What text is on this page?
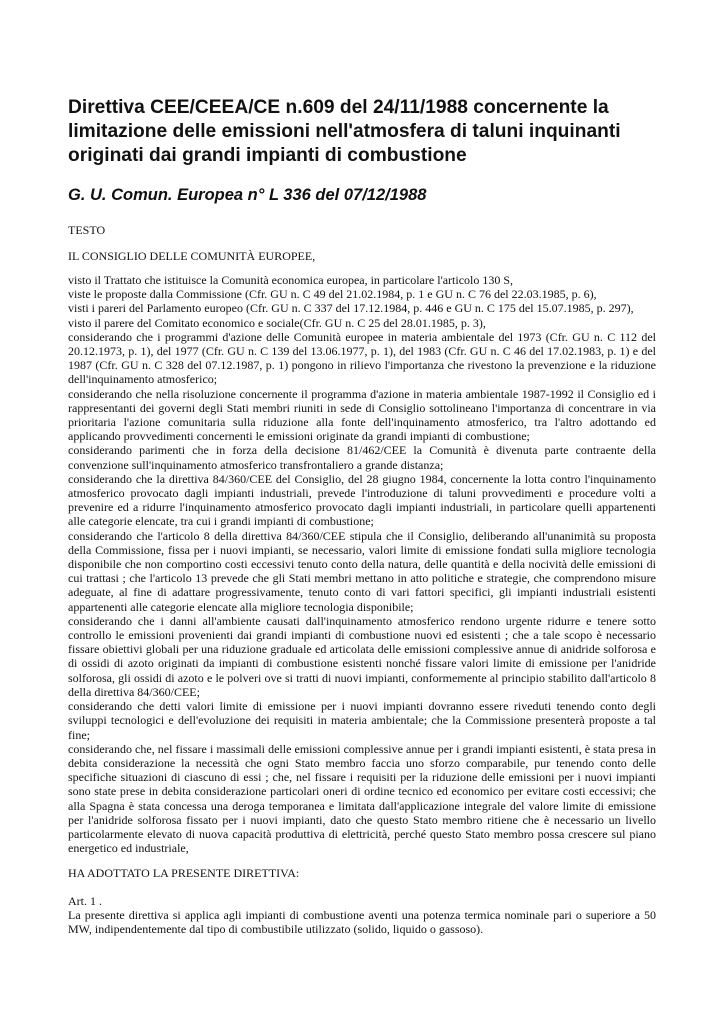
Direttiva CEE/CEEA/CE n.609 del 24/11/1988 concernente la limitazione delle emissioni nell'atmosfera di taluni inquinanti originati dai grandi impianti di combustione
G. U. Comun. Europea n° L 336 del 07/12/1988

TESTO

IL CONSIGLIO DELLE COMUNITÀ EUROPEE,

visto il Trattato che istituisce la Comunità economica europea, in particolare l'articolo 130 S,

viste le proposte dalla Commissione (Cfr. GU n. C 49 del 21.02.1984, p. 1 e GU n. C 76 del 22.03.1985, p. 6),

visti i pareri del Parlamento europeo (Cfr. GU n. C 337 del 17.12.1984, p. 446 e GU n. C 175 del 15.07.1985, p. 297),

visto il parere del Comitato economico e sociale(Cfr. GU n. C 25 del 28.01.1985, p. 3),

considerando che i programmi d'azione delle Comunità europee in materia ambientale del 1973 (Cfr. GU n. C 112 del 20.12.1973, p. 1), del 1977 (Cfr. GU n. C 139 del 13.06.1977, p. 1), del 1983 (Cfr. GU n. C 46 del 17.02.1983, p. 1) e del 1987 (Cfr. GU n. C 328 del 07.12.1987, p. 1) pongono in rilievo l'importanza che rivestono la prevenzione e la riduzione dell'inquinamento atmosferico;

considerando che nella risoluzione concernente il programma d'azione in materia ambientale 1987-1992 il Consiglio ed i rappresentanti dei governi degli Stati membri riuniti in sede di Consiglio sottolineano l'importanza di concentrare in via prioritaria l'azione comunitaria sulla riduzione alla fonte dell'inquinamento atmosferico, tra l'altro adottando ed applicando provvedimenti concernenti le emissioni originate da grandi impianti di combustione;

considerando parimenti che in forza della decisione 81/462/CEE la Comunità è divenuta parte contraente della convenzione sull'inquinamento atmosferico transfrontaliero a grande distanza;

considerando che la direttiva 84/360/CEE del Consiglio, del 28 giugno 1984, concernente la lotta contro l'inquinamento atmosferico provocato dagli impianti industriali, prevede l'introduzione di taluni provvedimenti e procedure volti a prevenire ed a ridurre l'inquinamento atmosferico provocato dagli impianti industriali, in particolare quelli appartenenti alle categorie elencate, tra cui i grandi impianti di combustione;

considerando che l'articolo 8 della direttiva 84/360/CEE stipula che il Consiglio, deliberando all'unanimità su proposta della Commissione, fissa per i nuovi impianti, se necessario, valori limite di emissione fondati sulla migliore tecnologia disponibile che non comportino costi eccessivi tenuto conto della natura, delle quantità e della nocività delle emissioni di cui trattasi ; che l'articolo 13 prevede che gli Stati membri mettano in atto politiche e strategie, che comprendono misure adeguate, al fine di adattare progressivamente, tenuto conto di vari fattori specifici, gli impianti industriali esistenti appartenenti alle categorie elencate alla migliore tecnologia disponibile;

considerando che i danni all'ambiente causati dall'inquinamento atmosferico rendono urgente ridurre e tenere sotto controllo le emissioni provenienti dai grandi impianti di combustione nuovi ed esistenti ; che a tale scopo è necessario fissare obiettivi globali per una riduzione graduale ed articolata delle emissioni complessive annue di anidride solforosa e di ossidi di azoto originati da impianti di combustione esistenti nonché fissare valori limite di emissione per l'anidride solforosa, gli ossidi di azoto e le polveri ove si tratti di nuovi impianti, conformemente al principio stabilito dall'articolo 8 della direttiva 84/360/CEE;

considerando che detti valori limite di emissione per i nuovi impianti dovranno essere riveduti tenendo conto degli sviluppi tecnologici e dell'evoluzione dei requisiti in materia ambientale; che la Commissione presenterà proposte a tal fine;

considerando che, nel fissare i massimali delle emissioni complessive annue per i grandi impianti esistenti, è stata presa in debita considerazione la necessità che ogni Stato membro faccia uno sforzo comparabile, pur tenendo conto delle specifiche situazioni di ciascuno di essi ; che, nel fissare i requisiti per la riduzione delle emissioni per i nuovi impianti sono state prese in debita considerazione particolari oneri di ordine tecnico ed economico per evitare costi eccessivi; che alla Spagna è stata concessa una deroga temporanea e limitata dall'applicazione integrale del valore limite di emissione per l'anidride solforosa fissato per i nuovi impianti, dato che questo Stato membro ritiene che è necessario un livello particolarmente elevato di nuova capacità produttiva di elettricità, perché questo Stato membro possa crescere sul piano energetico ed industriale,

HA ADOTTATO LA PRESENTE DIRETTIVA:

Art. 1 .

La presente direttiva si applica agli impianti di combustione aventi una potenza termica nominale pari o superiore a 50 MW, indipendentemente dal tipo di combustibile utilizzato (solido, liquido o gassoso).
